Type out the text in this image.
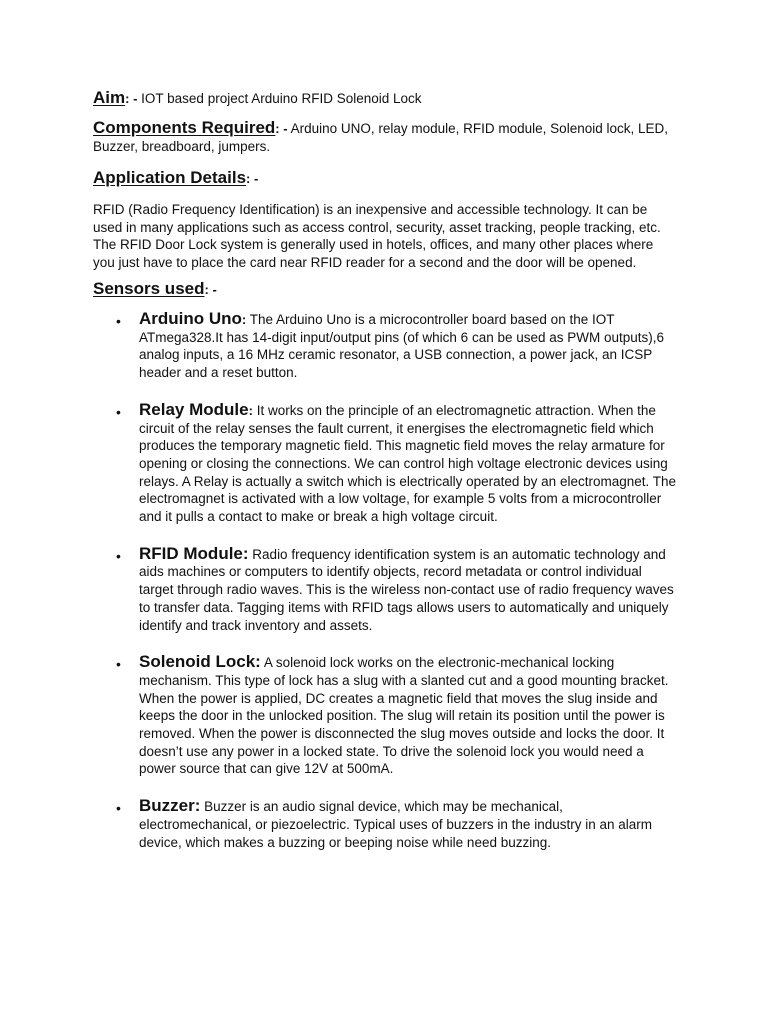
Aim: - IOT based project Arduino RFID Solenoid Lock

Components Required: - Arduino UNO, relay module, RFID module, Solenoid lock, LED, Buzzer, breadboard, jumpers.

Application Details: -

RFID (Radio Frequency Identification) is an inexpensive and accessible technology. It can be used in many applications such as access control, security, asset tracking, people tracking, etc. The RFID Door Lock system is generally used in hotels, offices, and many other places where you just have to place the card near RFID reader for a second and the door will be opened.

Sensors used: -

• Arduino Uno: The Arduino Uno is a microcontroller board based on the IOT ATmega328.It has 14-digit input/output pins (of which 6 can be used as PWM outputs),6 analog inputs, a 16 MHz ceramic resonator, a USB connection, a power jack, an ICSP header and a reset button.
• Relay Module: It works on the principle of an electromagnetic attraction. When the circuit of the relay senses the fault current, it energises the electromagnetic field which produces the temporary magnetic field. This magnetic field moves the relay armature for opening or closing the connections. We can control high voltage electronic devices using relays. A Relay is actually a switch which is electrically operated by an electromagnet. The electromagnet is activated with a low voltage, for example 5 volts from a microcontroller and it pulls a contact to make or break a high voltage circuit.
• RFID Module: Radio frequency identification system is an automatic technology and aids machines or computers to identify objects, record metadata or control individual target through radio waves. This is the wireless non-contact use of radio frequency waves to transfer data. Tagging items with RFID tags allows users to automatically and uniquely identify and track inventory and assets.
• Solenoid Lock: A solenoid lock works on the electronic-mechanical locking mechanism. This type of lock has a slug with a slanted cut and a good mounting bracket. When the power is applied, DC creates a magnetic field that moves the slug inside and keeps the door in the unlocked position. The slug will retain its position until the power is removed. When the power is disconnected the slug moves outside and locks the door. It doesn’t use any power in a locked state. To drive the solenoid lock you would need a power source that can give 12V at 500mA.
• Buzzer: Buzzer is an audio signal device, which may be mechanical, electromechanical, or piezoelectric. Typical uses of buzzers in the industry in an alarm device, which makes a buzzing or beeping noise while need buzzing.
